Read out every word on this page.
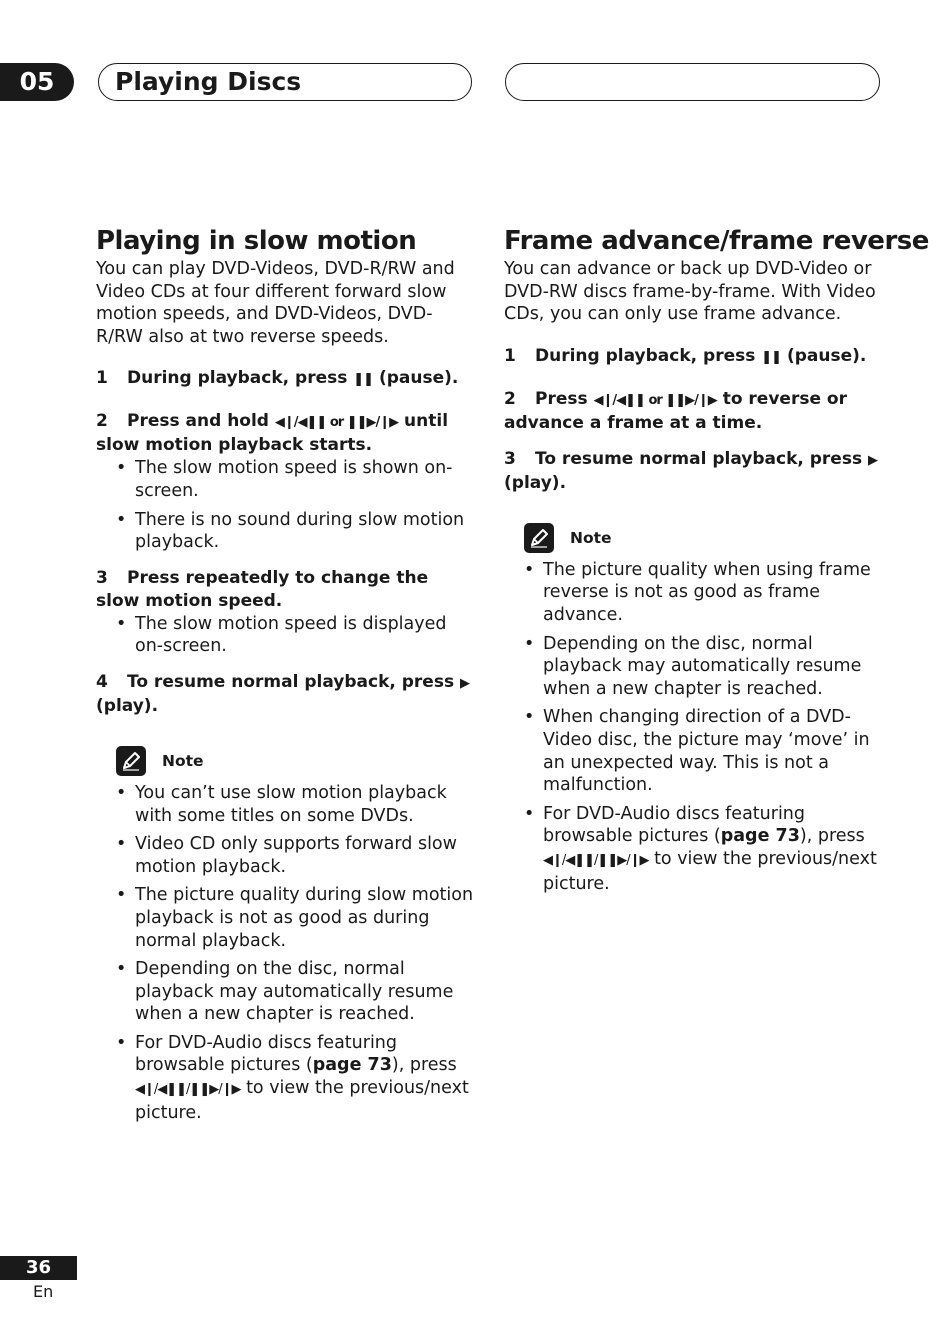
05	Playing Discs
Playing in slow motion

You can play DVD-Videos, DVD-R/RW and Video CDs at four different forward slow motion speeds, and DVD-Videos, DVD-R/RW also at two reverse speeds.

1 During playback, press ❚❚ (pause).

2 Press and hold ◀❙/◀❚❚ or ❚❚▶/❙▶ until slow motion playback starts.

• The slow motion speed is shown on-screen.
• There is no sound during slow motion playback.

3 Press repeatedly to change the slow motion speed.

• The slow motion speed is displayed on-screen.

4 To resume normal playback, press ▶ (play).

Note
• You can’t use slow motion playback with some titles on some DVDs.
• Video CD only supports forward slow motion playback.
• The picture quality during slow motion playback is not as good as during normal playback.
• Depending on the disc, normal playback may automatically resume when a new chapter is reached.
• For DVD-Audio discs featuring browsable pictures (page 73), press ◀❙/◀❚❚/❚❚▶/❙▶ to view the previous/next picture.
Frame advance/frame reverse

You can advance or back up DVD-Video or DVD-RW discs frame-by-frame. With Video CDs, you can only use frame advance.

1 During playback, press ❚❚ (pause).

2 Press ◀❙/◀❚❚ or ❚❚▶/❙▶ to reverse or advance a frame at a time.

3 To resume normal playback, press ▶ (play).

Note
• The picture quality when using frame reverse is not as good as frame advance.
• Depending on the disc, normal playback may automatically resume when a new chapter is reached.
• When changing direction of a DVD-Video disc, the picture may ‘move’ in an unexpected way. This is not a malfunction.
• For DVD-Audio discs featuring browsable pictures (page 73), press ◀❙/◀❚❚/❚❚▶/❙▶ to view the previous/next picture.
36
En
